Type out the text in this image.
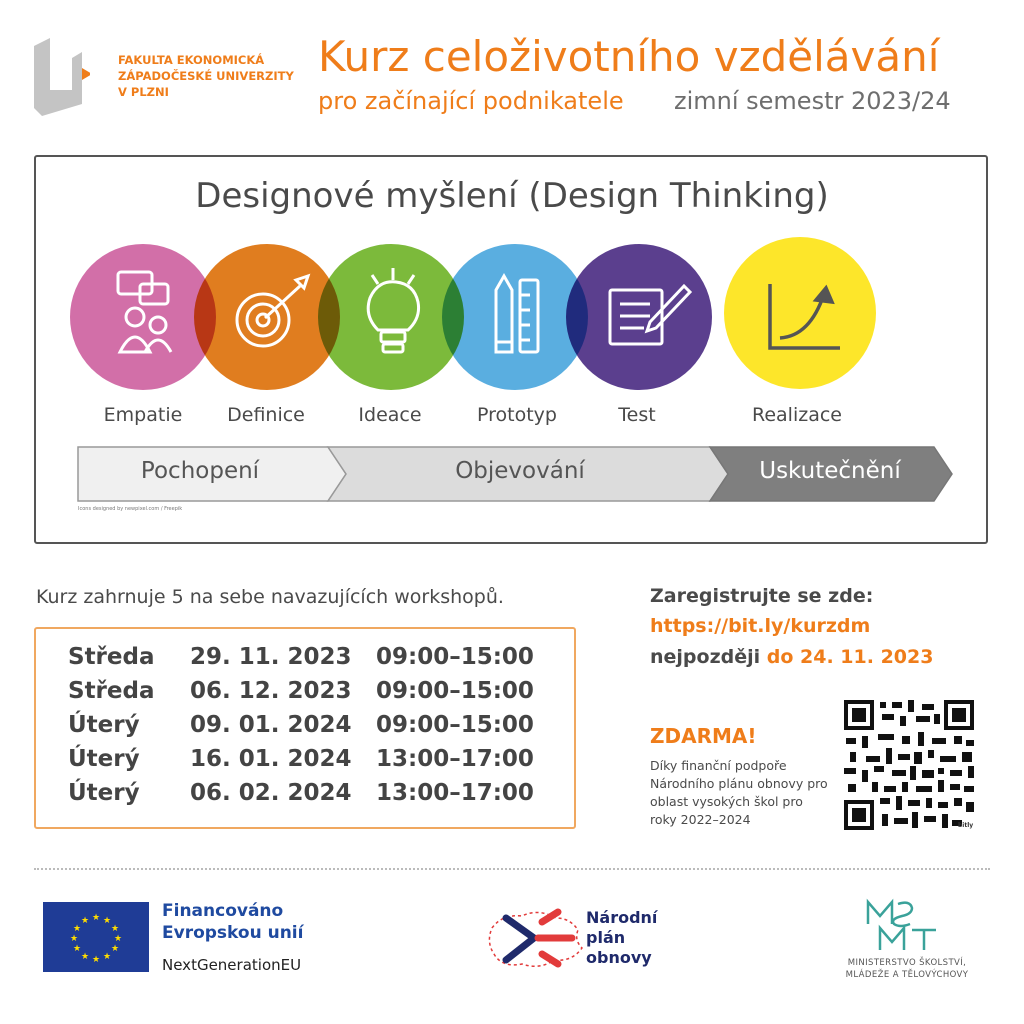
FAKULTA EKONOMICKÁ
ZÁPADOČESKÉ UNIVERZITY
V PLZNI
Kurz celoživotního vzdělávání
pro začínající podnikatele zimní semestr 2023/24
Designové myšlení (Design Thinking)
Empatie	Definice	Ideace	Prototyp	Test	Realizace
Pochopení	Objevování	Uskutečnění
Icons designed by newpixel.com / Freepik
Kurz zahrnuje 5 na sebe navazujících workshopů.
Středa 29. 11. 2023 09:00–15:00
Středa 06. 12. 2023 09:00–15:00
Úterý 09. 01. 2024 09:00–15:00
Úterý 16. 01. 2024 13:00–17:00
Úterý 06. 02. 2024 13:00–17:00
Zaregistrujte se zde:
https://bit.ly/kurzdm
nejpozději do 24. 11. 2023
ZDARMA!
Díky finanční podpoře Národního plánu obnovy pro oblast vysokých škol pro roky 2022–2024	bitly
★ ★
★
★
★
★
★
★
★
★
★
★	Financováno
Evropskou unií
NextGenerationEU
Národní
plán
obnovy	MINISTERSTVO ŠKOLSTVÍ,
MLÁDEŽE A TĚLOVÝCHOVY
